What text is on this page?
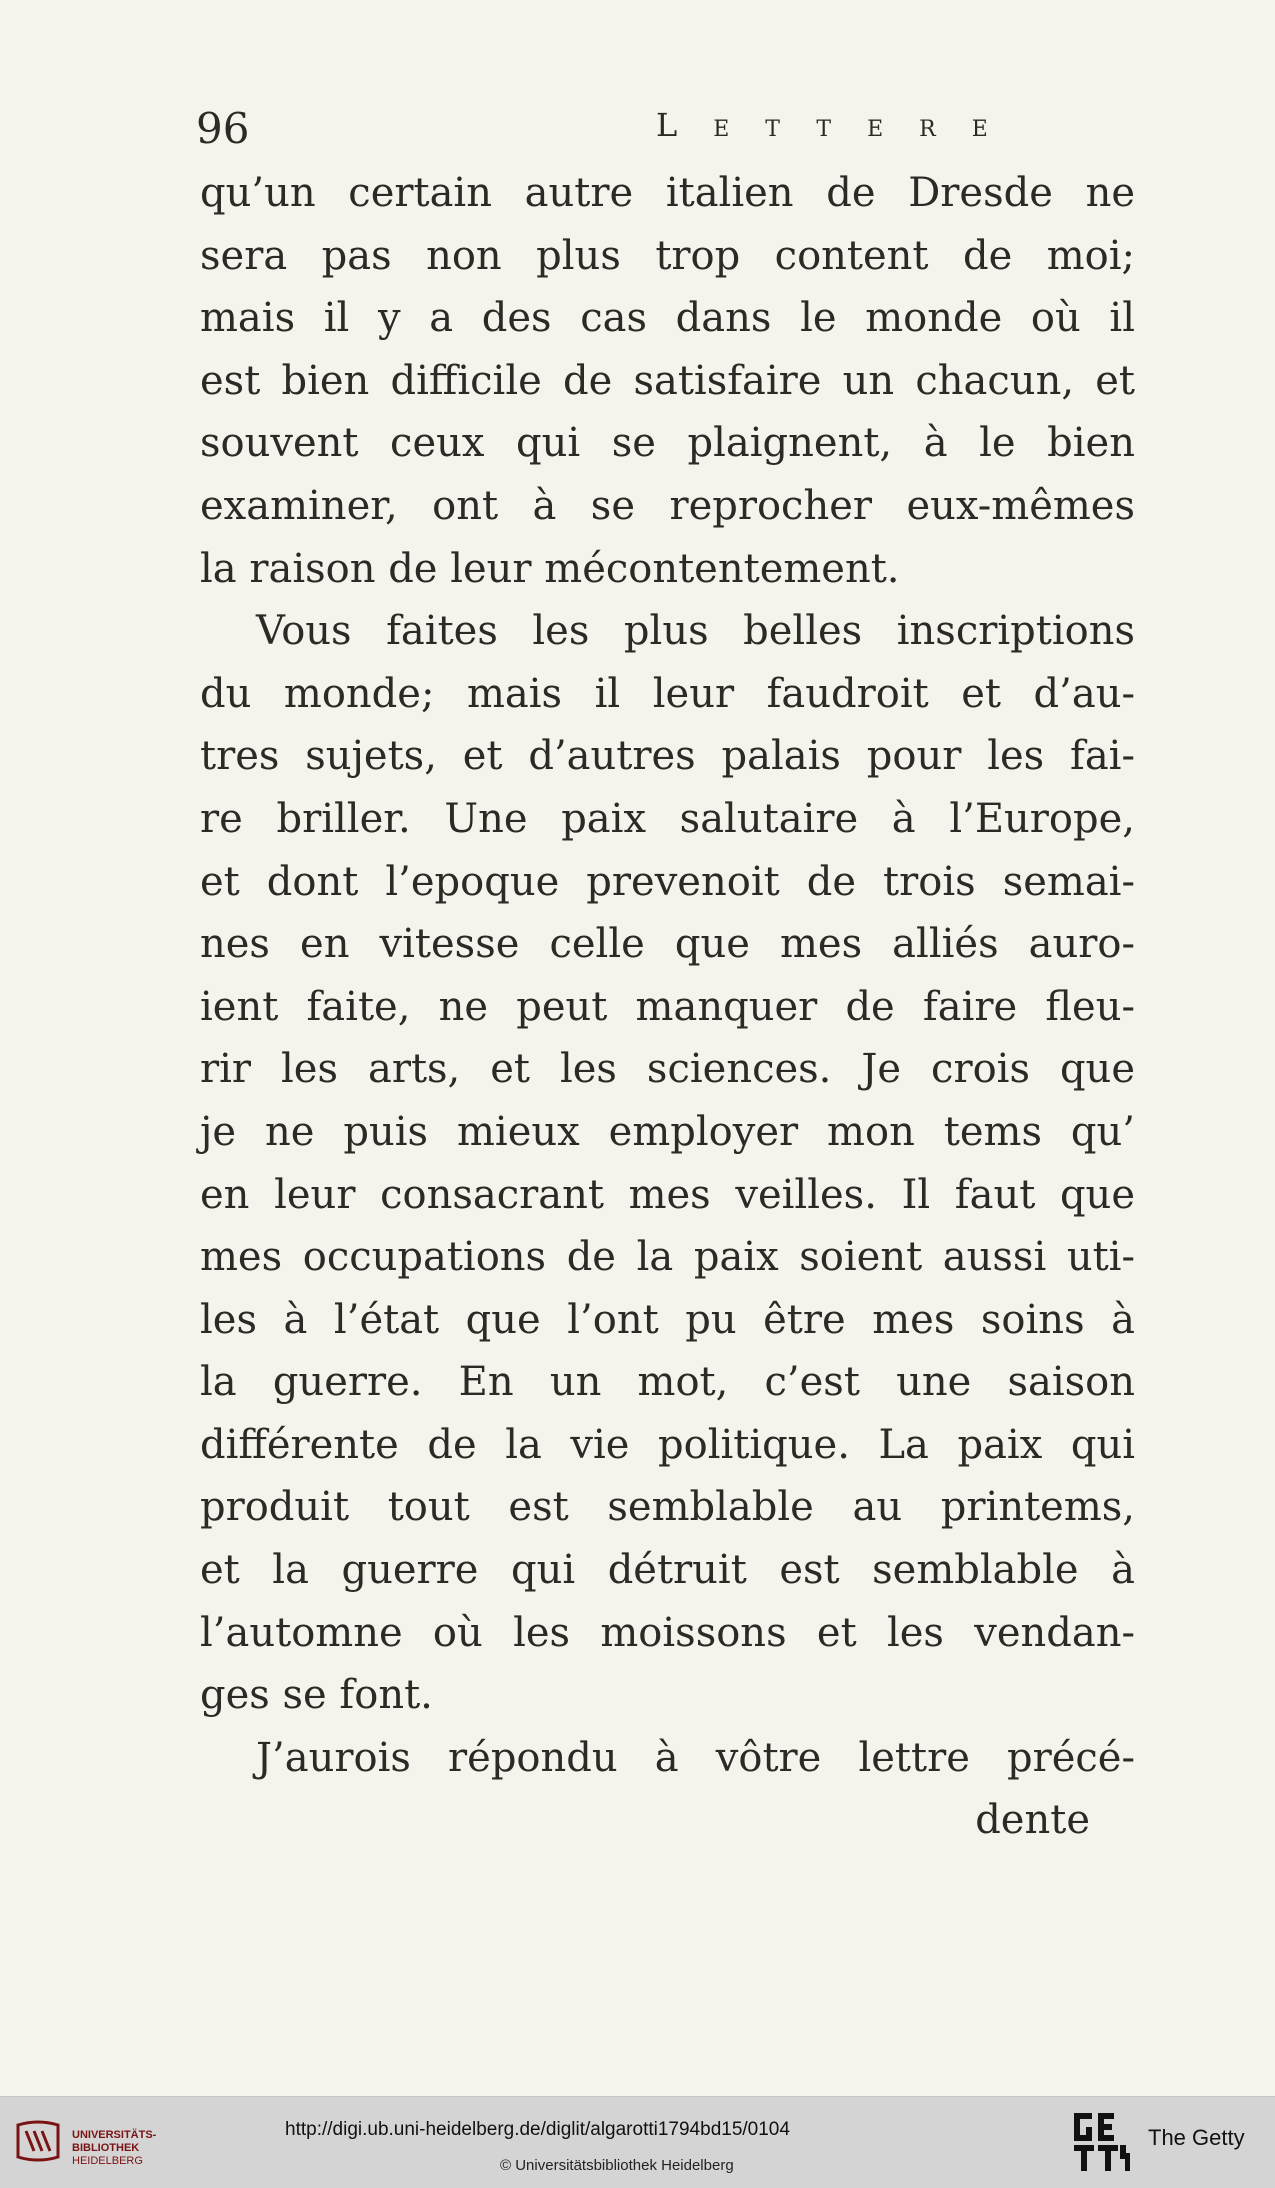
96	Lettere
qu’un certain autre italien de Dresde ne
sera pas non plus trop content de moi;
mais il y a des cas dans le monde où il
est bien difficile de satisfaire un chacun, et
souvent ceux qui se plaignent, à le bien
examiner, ont à se reprocher eux-mêmes
la raison de leur mécontentement.
Vous faites les plus belles inscriptions
du monde; mais il leur faudroit et d’au-
tres sujets, et d’autres palais pour les fai-
re briller. Une paix salutaire à l’Europe,
et dont l’epoque prevenoit de trois semai-
nes en vitesse celle que mes alliés auro-
ient faite, ne peut manquer de faire fleu-
rir les arts, et les sciences. Je crois que
je ne puis mieux employer mon tems qu’
en leur consacrant mes veilles. Il faut que
mes occupations de la paix soient aussi uti-
les à l’état que l’ont pu être mes soins à
la guerre. En un mot, c’est une saison
différente de la vie politique. La paix qui
produit tout est semblable au printems,
et la guerre qui détruit est semblable à
l’automne où les moissons et les vendan-
ges se font.
J’aurois répondu à vôtre lettre précé-
dente
UNIVERSITÄTS-
BIBLIOTHEK
HEIDELBERG
http://digi.ub.uni-heidelberg.de/diglit/algarotti1794bd15/0104
© Universitätsbibliothek Heidelberg
The Getty
